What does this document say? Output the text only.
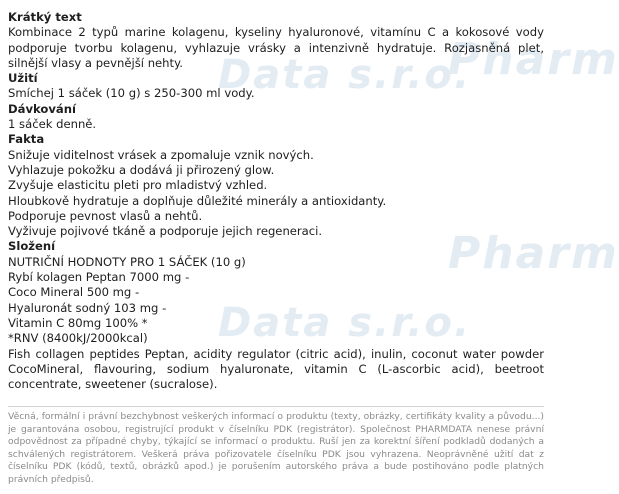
Pharm
Data s.r.o.
Pharm
Data s.r.o.

Krátký text

Kombinace 2 typů marine kolagenu, kyseliny hyaluronové, vitamínu C a kokosové vody podporuje tvorbu kolagenu, vyhlazuje vrásky a intenzivně hydratuje. Rozjasněná plet, silnější vlasy a pevnější nehty.

Užití

Smíchej 1 sáček (10 g) s 250-300 ml vody.

Dávkování

1 sáček denně.

Fakta

Snižuje viditelnost vrásek a zpomaluje vznik nových.

Vyhlazuje pokožku a dodává ji přirozený glow.

Zvyšuje elasticitu pleti pro mladistvý vzhled.

Hloubkově hydratuje a doplňuje důležité minerály a antioxidanty.

Podporuje pevnost vlasů a nehtů.

Vyživuje pojivové tkáně a podporuje jejich regeneraci.

Složení

NUTRIČNÍ HODNOTY PRO 1 SÁČEK (10 g)

Rybí kolagen Peptan 7000 mg -

Coco Mineral 500 mg -

Hyaluronát sodný 103 mg -

Vitamin C 80mg 100% *

*RNV (8400kJ/2000kcal)

Fish collagen peptides Peptan, acidity regulator (citric acid), inulin, coconut water powder CocoMineral, flavouring, sodium hyaluronate, vitamin C (L-ascorbic acid), beetroot concentrate, sweetener (sucralose).

Věcná, formální i právní bezchybnost veškerých informací o produktu (texty, obrázky, certifikáty kvality a původu...) je garantována osobou, registrující produkt v číselníku PDK (registrátor). Společnost PHARMDATA nenese právní odpovědnost za případné chyby, týkající se informací o produktu. Ruší jen za korektní šíření podkladů dodaných a schválených registrátorem. Veškerá práva pořizovatele číselníku PDK jsou vyhrazena. Neoprávněné užití dat z číselníku PDK (kódů, textů, obrázků apod.) je porušením autorského práva a bude postihováno podle platných právních předpisů.
